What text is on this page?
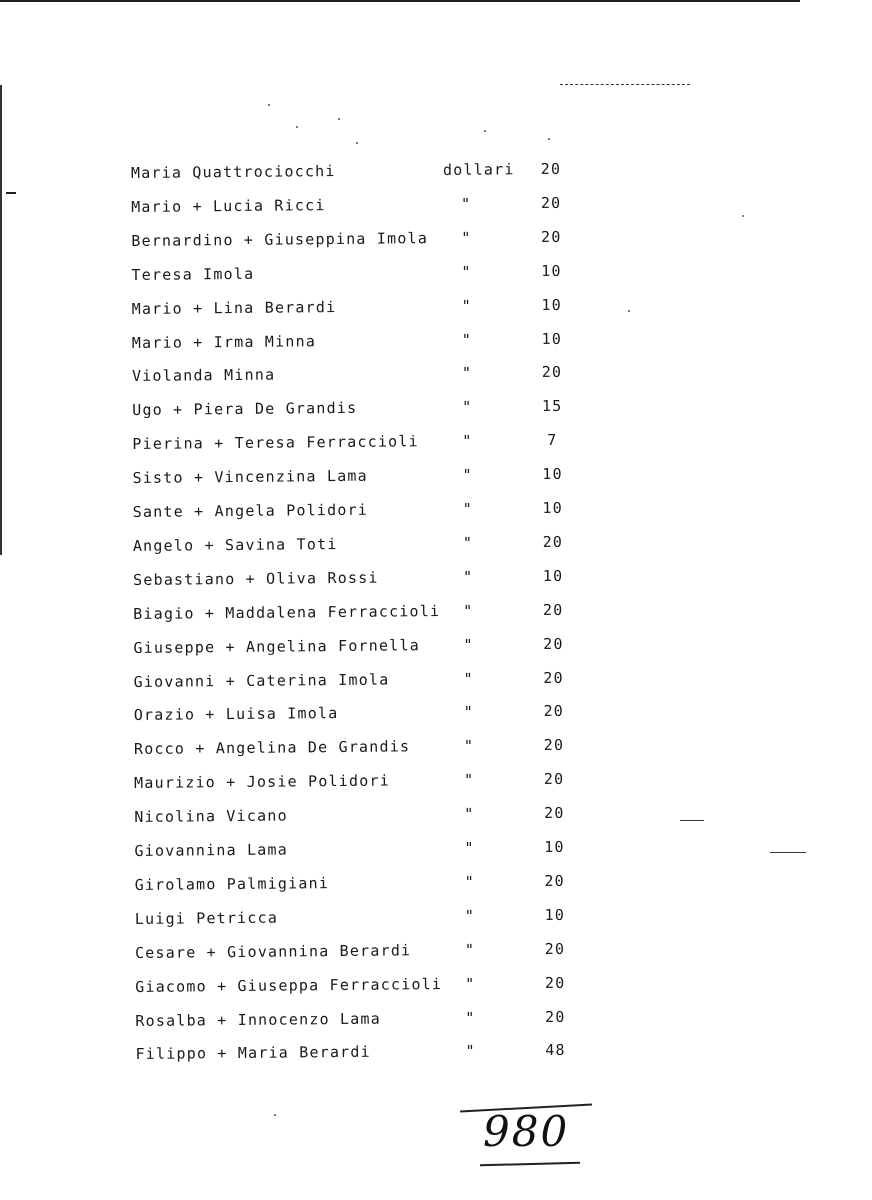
Maria Quattrociocchi	dollari 20
Mario + Lucia Ricci	"	20
Bernardino + Giuseppina Imola "	20
Teresa Imola	"	10
Mario + Lina Berardi	"	10
Mario + Irma Minna	"	10
Violanda Minna	"	20
Ugo + Piera De Grandis	"	15
Pierina + Teresa Ferraccioli	"	7
Sisto + Vincenzina Lama	"	10
Sante + Angela Polidori	"	10
Angelo + Savina Toti	"	20
Sebastiano + Oliva Rossi	"	10
Biagio + Maddalena Ferraccioli "	20
Giuseppe + Angelina Fornella	"	20
Giovanni + Caterina Imola	"	20
Orazio + Luisa Imola	"	20
Rocco + Angelina De Grandis	"	20
Maurizio + Josie Polidori	"	20
Nicolina Vicano	"	20
Giovannina Lama	"	10
Girolamo Palmigiani	"	20
Luigi Petricca	"	10
Cesare + Giovannina Berardi	"	20
Giacomo + Giuseppa Ferraccioli "	20
Rosalba + Innocenzo Lama	"	20
Filippo + Maria Berardi	"	48
980
